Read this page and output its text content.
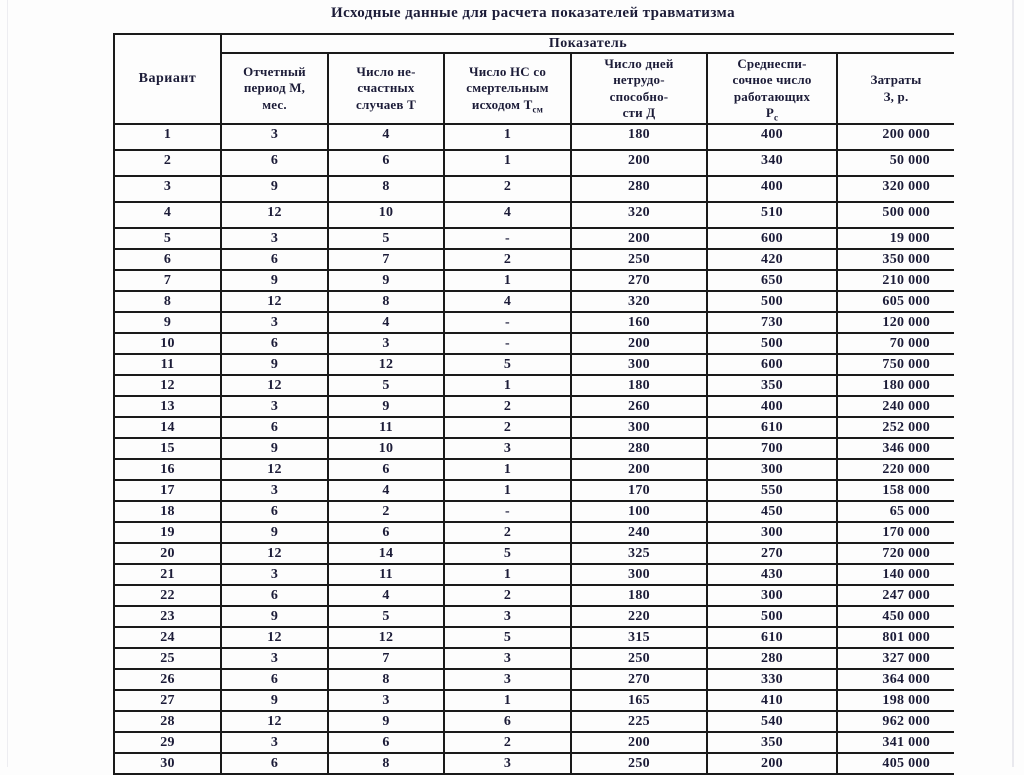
Исходные данные для расчета показателей травматизма
Вариант	Показатель					
	Отчетный
период М,
мес.	Число не-
счастных
случаев Т	Число НС со
смертельным
исходом $Т_{см}$	Число дней
нетрудо-
способно-
сти Д	Среднеспи-
сочное число
работающих
$Р_с$	Затраты
З, р.
1	3	4	1	180	400	200 000
2	6	6	1	200	340	50 000
3	9	8	2	280	400	320 000
4	12	10	4	320	510	500 000
5	3	5	-	200	600	19 000
6	6	7	2	250	420	350 000
7	9	9	1	270	650	210 000
8	12	8	4	320	500	605 000
9	3	4	-	160	730	120 000
10	6	3	-	200	500	70 000
11	9	12	5	300	600	750 000
12	12	5	1	180	350	180 000
13	3	9	2	260	400	240 000
14	6	11	2	300	610	252 000
15	9	10	3	280	700	346 000
16	12	6	1	200	300	220 000
17	3	4	1	170	550	158 000
18	6	2	-	100	450	65 000
19	9	6	2	240	300	170 000
20	12	14	5	325	270	720 000
21	3	11	1	300	430	140 000
22	6	4	2	180	300	247 000
23	9	5	3	220	500	450 000
24	12	12	5	315	610	801 000
25	3	7	3	250	280	327 000
26	6	8	3	270	330	364 000
27	9	3	1	165	410	198 000
28	12	9	6	225	540	962 000
29	3	6	2	200	350	341 000
30	6	8	3	250	200	405 000
